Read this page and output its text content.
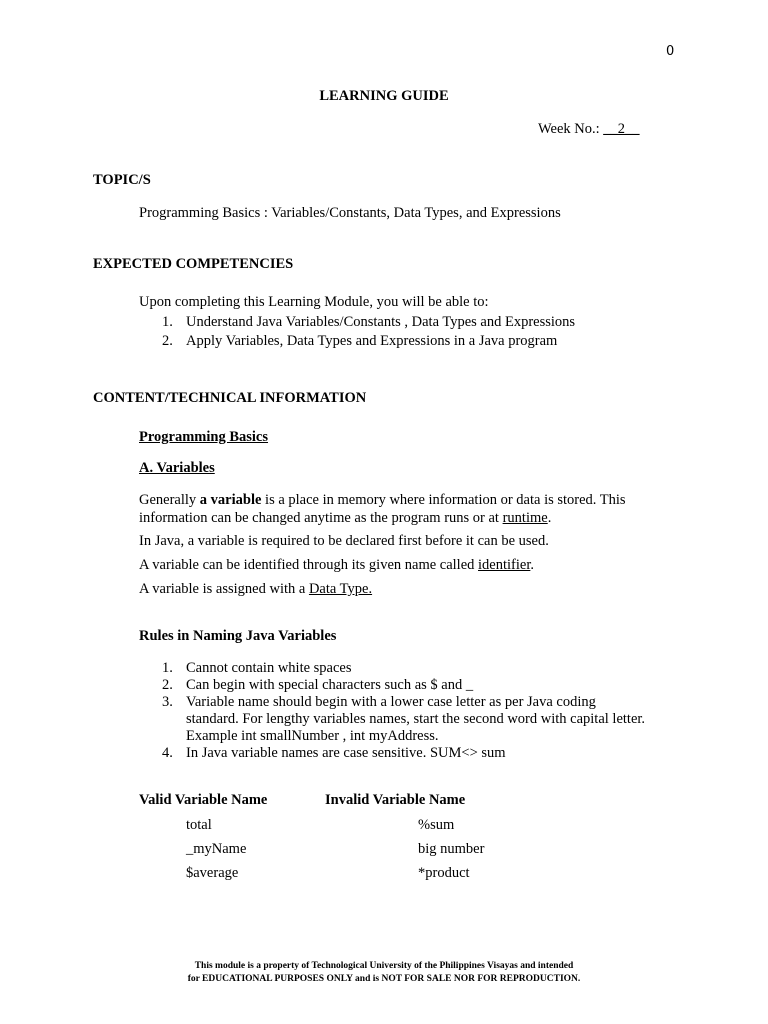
0
LEARNING GUIDE
Week No.: __2__
TOPIC/S
Programming Basics : Variables/Constants, Data Types, and Expressions
EXPECTED COMPETENCIES
Upon completing this Learning Module, you will be able to:
1. Understand Java Variables/Constants , Data Types and Expressions
2. Apply Variables, Data Types and Expressions in a Java program
CONTENT/TECHNICAL INFORMATION
Programming Basics
A. Variables
Generally a variable is a place in memory where information or data is stored. This information can be changed anytime as the program runs or at runtime.
In Java, a variable is required to be declared first before it can be used.
A variable can be identified through its given name called identifier.
A variable is assigned with a Data Type.
Rules in Naming Java Variables
1. Cannot contain white spaces
2. Can begin with special characters such as $ and _
3. Variable name should begin with a lower case letter as per Java coding standard. For lengthy variables names, start the second word with capital letter. Example int smallNumber , int myAddress.
4. In Java variable names are case sensitive. SUM<> sum
Valid Variable Name	Invalid Variable Name
total
_myName
$average
%sum
big number
*product
This module is a property of Technological University of the Philippines Visayas and intended
for EDUCATIONAL PURPOSES ONLY and is NOT FOR SALE NOR FOR REPRODUCTION.
